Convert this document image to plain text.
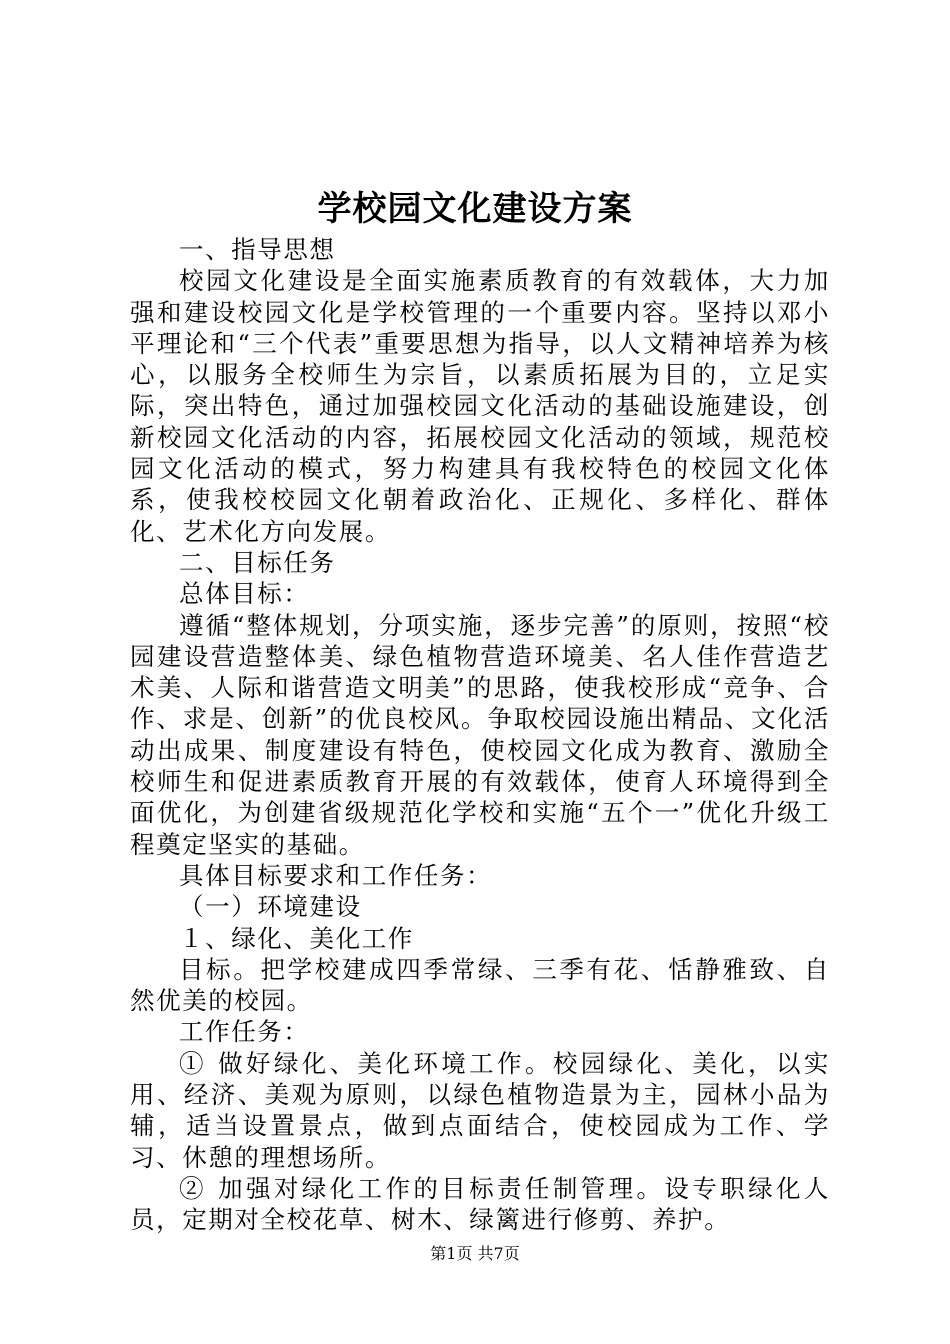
学校园文化建设方案

一、指导思想

校园文化建设是全面实施素质教育的有效载体，大力加强和建设校园文化是学校管理的一个重要内容。坚持以邓小平理论和“三个代表”重要思想为指导，以人文精神培养为核心，以服务全校师生为宗旨，以素质拓展为目的，立足实际，突出特色，通过加强校园文化活动的基础设施建设，创新校园文化活动的内容，拓展校园文化活动的领域，规范校园文化活动的模式，努力构建具有我校特色的校园文化体系，使我校校园文化朝着政治化、正规化、多样化、群体化、艺术化方向发展。

二、目标任务

总体目标：

遵循“整体规划，分项实施，逐步完善”的原则，按照“校园建设营造整体美、绿色植物营造环境美、名人佳作营造艺术美、人际和谐营造文明美”的思路，使我校形成“竞争、合作、求是、创新”的优良校风。争取校园设施出精品、文化活动出成果、制度建设有特色，使校园文化成为教育、激励全校师生和促进素质教育开展的有效载体，使育人环境得到全面优化，为创建省级规范化学校和实施“五个一”优化升级工程奠定坚实的基础。

具体目标要求和工作任务：

（一）环境建设

１、绿化、美化工作

目标。把学校建成四季常绿、三季有花、恬静雅致、自然优美的校园。

工作任务：

① 做好绿化、美化环境工作。校园绿化、美化，以实用、经济、美观为原则，以绿色植物造景为主，园林小品为辅，适当设置景点，做到点面结合，使校园成为工作、学习、休憩的理想场所。

② 加强对绿化工作的目标责任制管理。设专职绿化人员，定期对全校花草、树木、绿篱进行修剪、养护。

第1页 共7页
